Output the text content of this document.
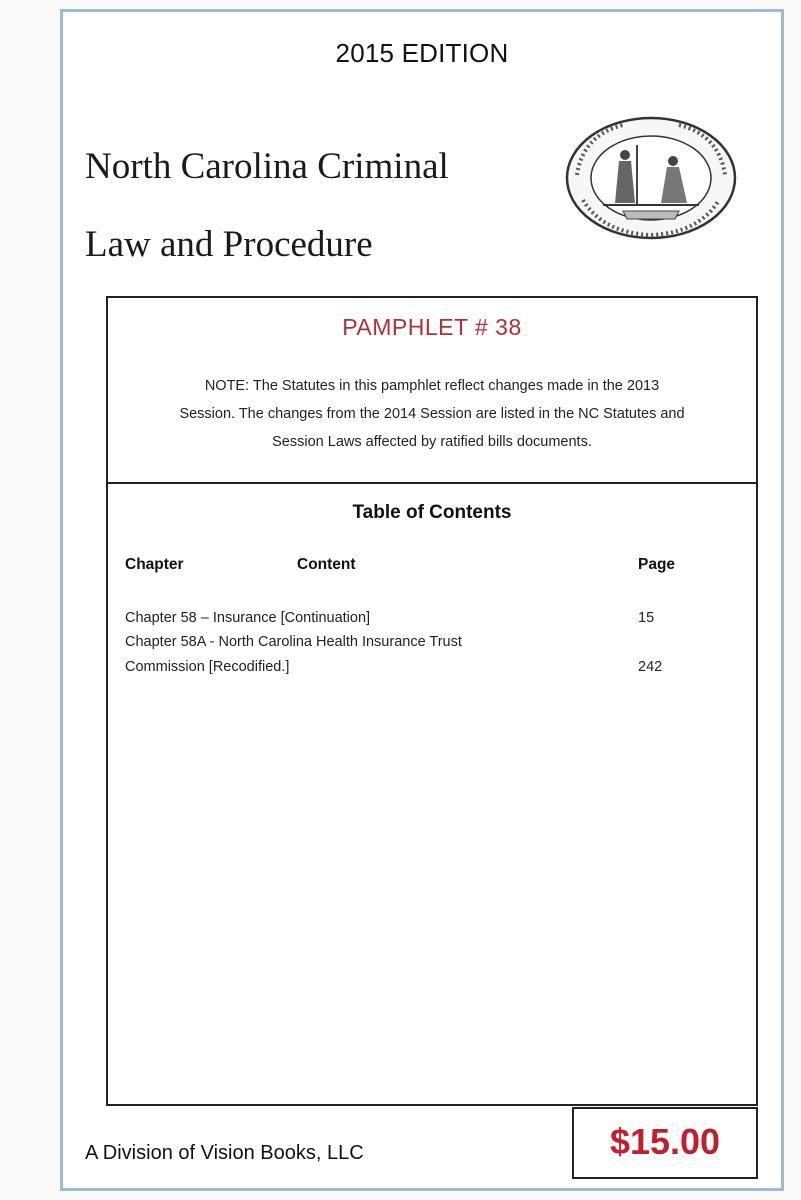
2015 EDITION
North Carolina Criminal
Law and Procedure
PAMPHLET # 38
NOTE: The Statutes in this pamphlet reflect changes made in the 2013
Session. The changes from the 2014 Session are listed in the NC Statutes and
Session Laws affected by ratified bills documents.
Table of Contents
Chapter	Content	Page
Chapter 58 – Insurance [Continuation]	15
Chapter 58A - North Carolina Health Insurance Trust
Commission [Recodified.]	242
$15.00
A Division of Vision Books, LLC
